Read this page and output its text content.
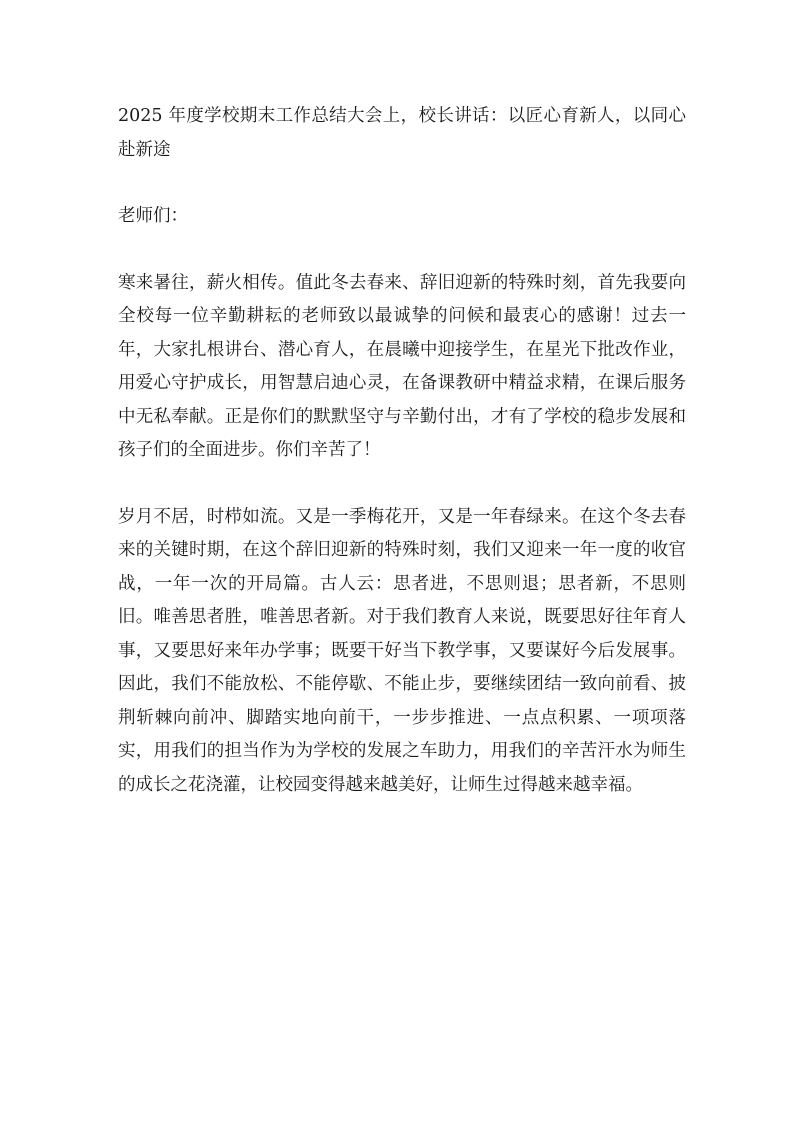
2025 年度学校期末工作总结大会上，校长讲话：以匠心育新人，以同心赴新途

老师们：

寒来暑往，薪火相传。值此冬去春来、辞旧迎新的特殊时刻，首先我要向全校每一位辛勤耕耘的老师致以最诚挚的问候和最衷心的感谢！过去一年，大家扎根讲台、潜心育人，在晨曦中迎接学生，在星光下批改作业，用爱心守护成长，用智慧启迪心灵，在备课教研中精益求精，在课后服务中无私奉献。正是你们的默默坚守与辛勤付出，才有了学校的稳步发展和孩子们的全面进步。你们辛苦了！

岁月不居，时栉如流。又是一季梅花开，又是一年春绿来。在这个冬去春来的关键时期，在这个辞旧迎新的特殊时刻，我们又迎来一年一度的收官战，一年一次的开局篇。古人云：思者进，不思则退；思者新，不思则旧。唯善思者胜，唯善思者新。对于我们教育人来说，既要思好往年育人事，又要思好来年办学事；既要干好当下教学事，又要谋好今后发展事。因此，我们不能放松、不能停歇、不能止步，要继续团结一致向前看、披荆斩棘向前冲、脚踏实地向前干，一步步推进、一点点积累、一项项落实，用我们的担当作为为学校的发展之车助力，用我们的辛苦汗水为师生的成长之花浇灌，让校园变得越来越美好，让师生过得越来越幸福。
